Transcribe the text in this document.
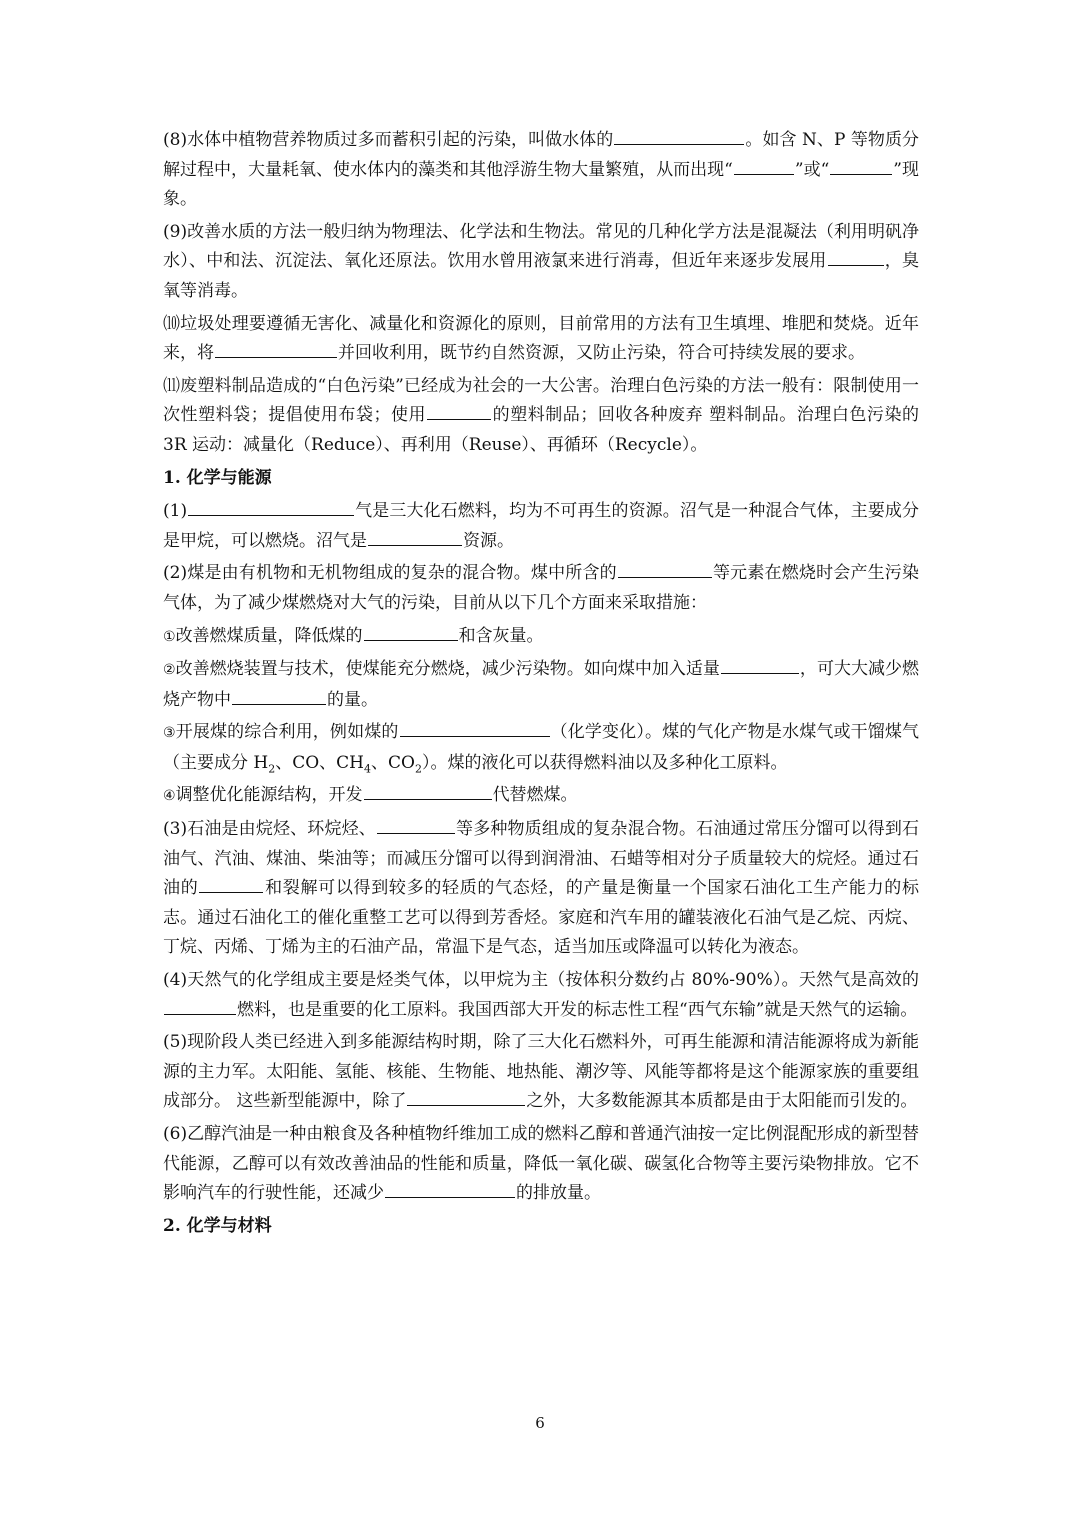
(8)水体中植物营养物质过多而蓄积引起的污染，叫做水体的	。如含 N、P 等物质分解过程中，大量耗氧、使水体内的藻类和其他浮游生物大量繁殖，从而出现“	”或“	”现象。

(9)改善水质的方法一般归纳为物理法、化学法和生物法。常见的几种化学方法是混凝法（利用明矾净水）、中和法、沉淀法、氧化还原法。饮用水曾用液氯来进行消毒，但近年来逐步发展用	，臭氧等消毒。

⑽垃圾处理要遵循无害化、减量化和资源化的原则，目前常用的方法有卫生填埋、堆肥和焚烧。近年来，将	并回收利用，既节约自然资源，又防止污染，符合可持续发展的要求。

⑾废塑料制品造成的“白色污染”已经成为社会的一大公害。治理白色污染的方法一般有：限制使用一次性塑料袋；提倡使用布袋；使用	的塑料制品；回收各种废弃 塑料制品。治理白色污染的 3R 运动：减量化（Reduce）、再利用（Reuse）、再循环（Recycle）。

1. 化学与能源

(1)	气是三大化石燃料，均为不可再生的资源。沼气是一种混合气体，主要成分是甲烷，可以燃烧。沼气是	资源。

(2)煤是由有机物和无机物组成的复杂的混合物。煤中所含的	等元素在燃烧时会产生污染气体，为了减少煤燃烧对大气的污染，目前从以下几个方面来采取措施：

①改善燃煤质量，降低煤的	和含灰量。

②改善燃烧装置与技术，使煤能充分燃烧，减少污染物。如向煤中加入适量	，可大大减少燃烧产物中	的量。

③开展煤的综合利用，例如煤的	（化学变化）。煤的气化产物是水煤气或干馏煤气（主要成分 $H_2$、CO、$CH_4$、$CO_2$）。煤的液化可以获得燃料油以及多种化工原料。

④调整优化能源结构，开发	代替燃煤。

(3)石油是由烷烃、环烷烃、	等多种物质组成的复杂混合物。石油通过常压分馏可以得到石油气、汽油、煤油、柴油等；而减压分馏可以得到润滑油、石蜡等相对分子质量较大的烷烃。通过石油的	和裂解可以得到较多的轻质的气态烃，的产量是衡量一个国家石油化工生产能力的标志。通过石油化工的催化重整工艺可以得到芳香烃。家庭和汽车用的罐装液化石油气是乙烷、丙烷、丁烷、丙烯、丁烯为主的石油产品，常温下是气态，适当加压或降温可以转化为液态。

(4)天然气的化学组成主要是烃类气体，以甲烷为主（按体积分数约占 80%-90%）。天然气是高效的燃料，也是重要的化工原料。我国西部大开发的标志性工程“西气东输”就是天然气的运输。

(5)现阶段人类已经进入到多能源结构时期，除了三大化石燃料外，可再生能源和清洁能源将成为新能源的主力军。太阳能、氢能、核能、生物能、地热能、潮汐等、风能等都将是这个能源家族的重要组成部分。 这些新型能源中，除了	之外，大多数能源其本质都是由于太阳能而引发的。

(6)乙醇汽油是一种由粮食及各种植物纤维加工成的燃料乙醇和普通汽油按一定比例混配形成的新型替代能源，乙醇可以有效改善油品的性能和质量，降低一氧化碳、碳氢化合物等主要污染物排放。它不影响汽车的行驶性能，还减少	的排放量。

2. 化学与材料

6
